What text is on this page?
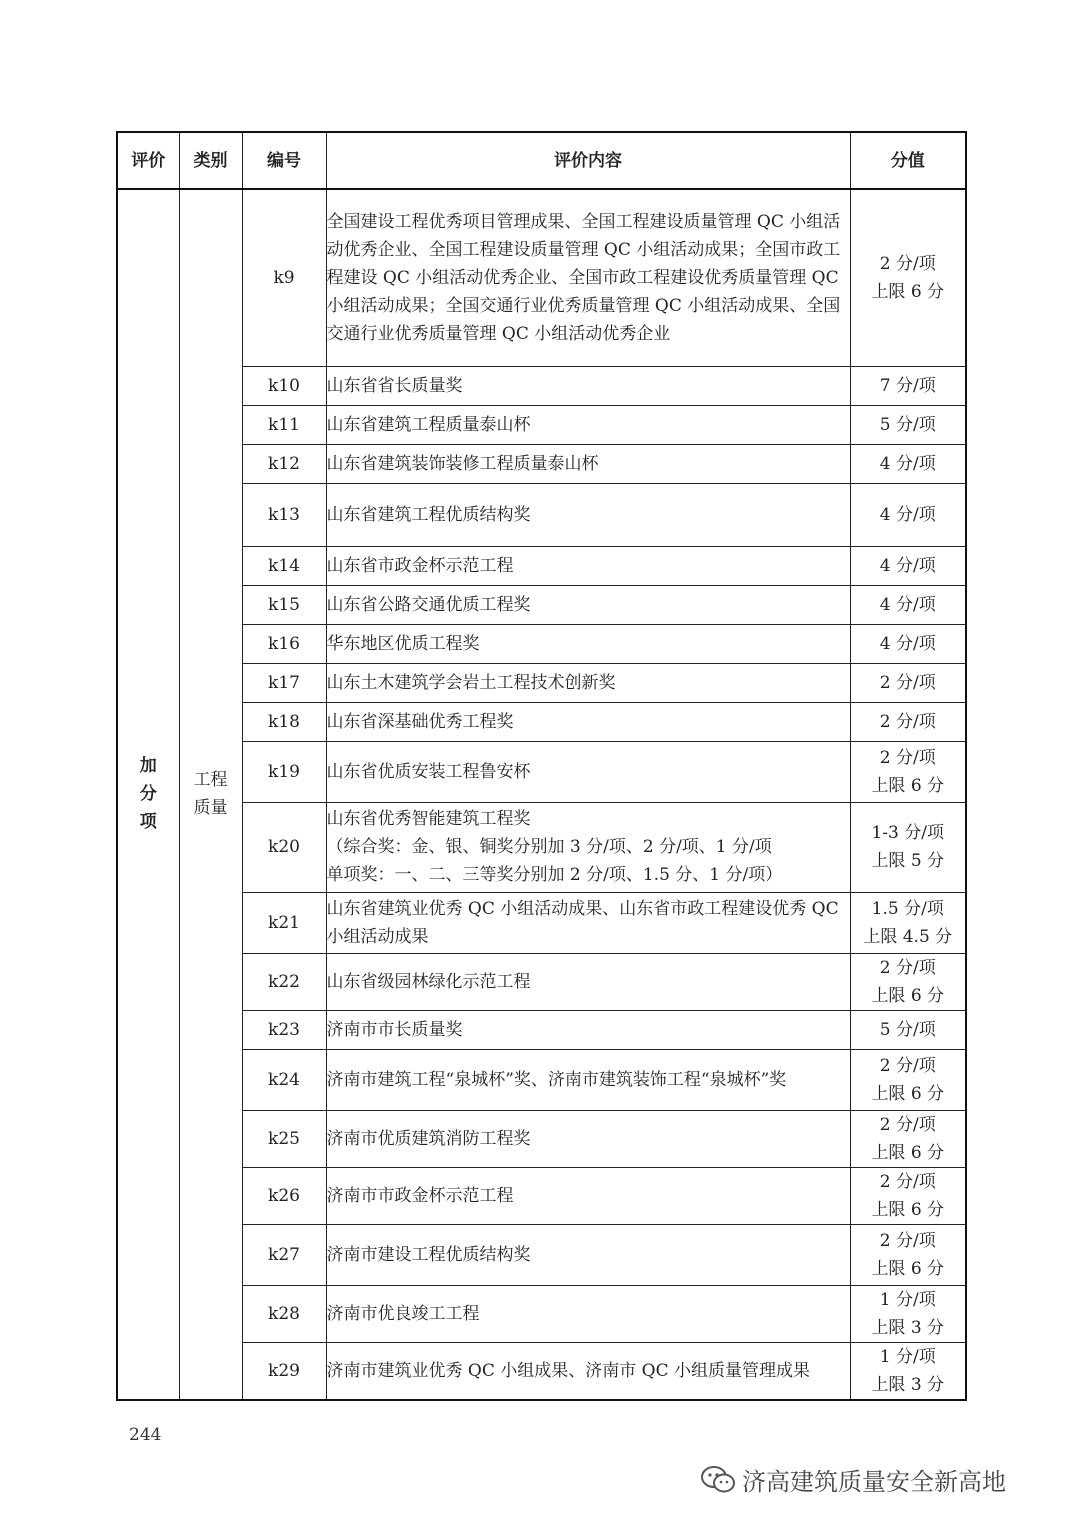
评价	类别	编号	评价内容	分值

加分项	工程质量	k9	全国建设工程优秀项目管理成果、全国工程建设质量管理 QC 小组活动优秀企业、全国工程建设质量管理 QC 小组活动成果；全国市政工程建设 QC 小组活动优秀企业、全国市政工程建设优秀质量管理 QC 小组活动成果；全国交通行业优秀质量管理 QC 小组活动成果、全国交通行业优秀质量管理 QC 小组活动优秀企业	2 分/项
上限 6 分
		k10	山东省省长质量奖	7 分/项
		k11	山东省建筑工程质量泰山杯	5 分/项
		k12	山东省建筑装饰装修工程质量泰山杯	4 分/项
		k13	山东省建筑工程优质结构奖	4 分/项
		k14	山东省市政金杯示范工程	4 分/项
		k15	山东省公路交通优质工程奖	4 分/项
		k16	华东地区优质工程奖	4 分/项
		k17	山东土木建筑学会岩土工程技术创新奖	2 分/项
		k18	山东省深基础优秀工程奖	2 分/项
		k19	山东省优质安装工程鲁安杯	2 分/项
上限 6 分
		k20	山东省优秀智能建筑工程奖
（综合奖：金、银、铜奖分别加 3 分/项、2 分/项、1 分/项
单项奖：一、二、三等奖分别加 2 分/项、1.5 分、1 分/项）	1-3 分/项
上限 5 分
		k21	山东省建筑业优秀 QC 小组活动成果、山东省市政工程建设优秀 QC 小组活动成果	1.5 分/项
上限 4.5 分
		k22	山东省级园林绿化示范工程	2 分/项
上限 6 分
		k23	济南市市长质量奖	5 分/项
		k24	济南市建筑工程“泉城杯”奖、济南市建筑装饰工程“泉城杯”奖	2 分/项
上限 6 分
		k25	济南市优质建筑消防工程奖	2 分/项
上限 6 分
		k26	济南市市政金杯示范工程	2 分/项
上限 6 分
		k27	济南市建设工程优质结构奖	2 分/项
上限 6 分
		k28	济南市优良竣工工程	1 分/项
上限 3 分
		k29	济南市建筑业优秀 QC 小组成果、济南市 QC 小组质量管理成果	1 分/项
上限 3 分
244
济高建筑质量安全新高地
